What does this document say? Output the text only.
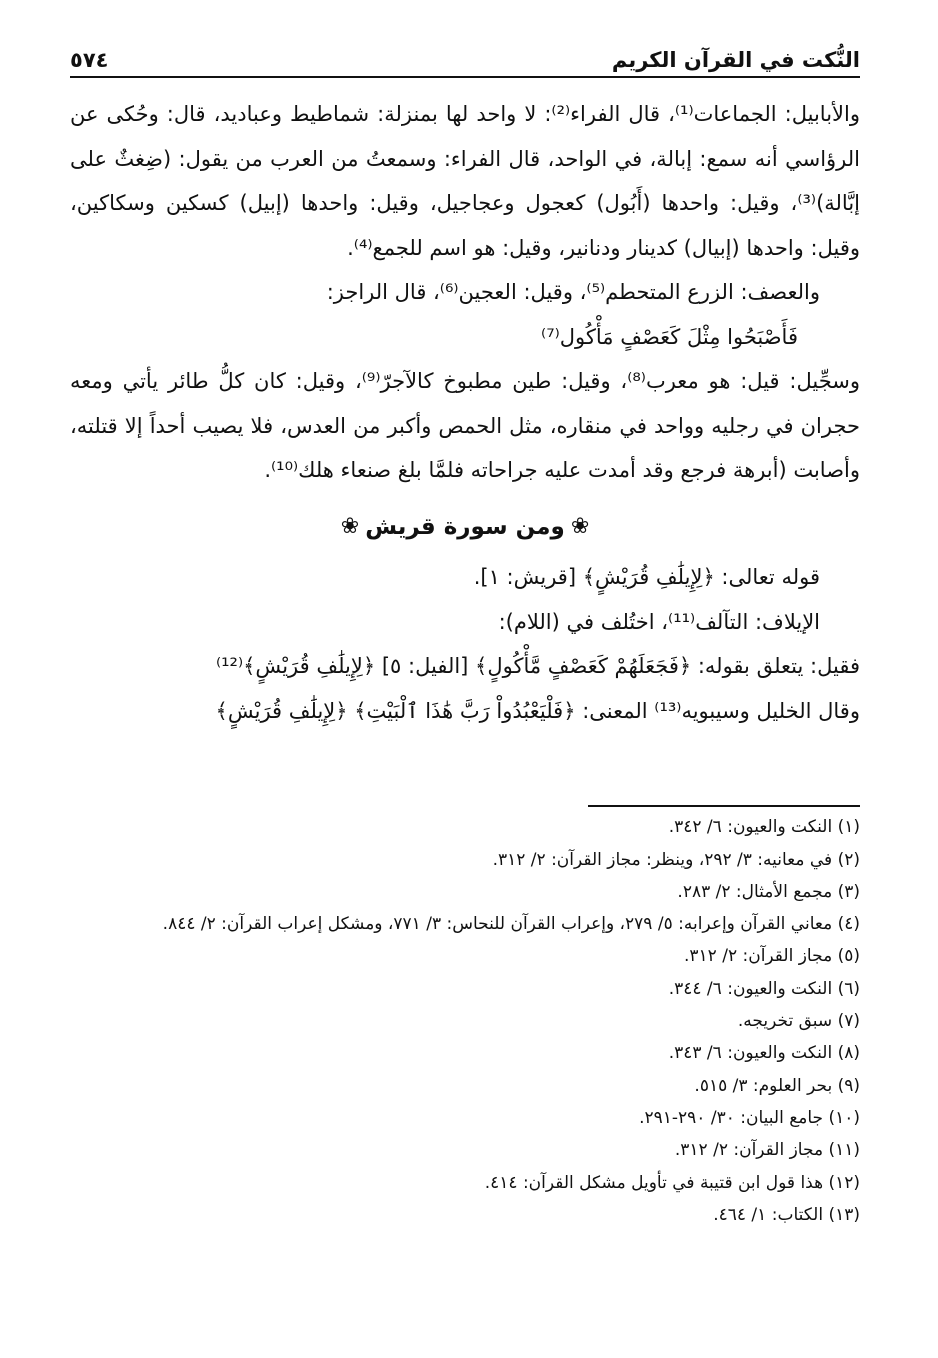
النُّكت في القرآن الكريم
٥٧٤

والأبابيل: الجماعات⁽¹⁾، قال الفراء⁽²⁾: لا واحد لها بمنزلة: شماطيط وعباديد، قال: وحُكى عن الرؤاسي أنه سمع: إبالة، في الواحد، قال الفراء: وسمعتُ من العرب من يقول: (ضِغثٌ على إبَّالة)⁽³⁾، وقيل: واحدها (أَبُول) كعجول وعجاجيل، وقيل: واحدها (إبيل) كسكين وسكاكين، وقيل: واحدها (إبيال) كدينار ودنانير، وقيل: هو اسم للجمع⁽⁴⁾.

والعصف: الزرع المتحطم⁽⁵⁾، وقيل: العجين⁽⁶⁾، قال الراجز:

فَأَصْبَحُوا مِثْلَ كَعَصْفٍ مَأْكُول⁽⁷⁾

وسجِّيل: قيل: هو معرب⁽⁸⁾، وقيل: طين مطبوخ كالآجرّ⁽⁹⁾، وقيل: كان كلُّ طائر يأتي ومعه حجران في رجليه وواحد في منقاره، مثل الحمص وأكبر من العدس، فلا يصيب أحداً إلا قتلته، وأصابت (أبرهة فرجع وقد أمدت عليه جراحاته فلمَّا بلغ صنعاء هلك⁽¹⁰⁾.

❀ومن سورة قريش❀

قوله تعالى: ﴿لِإِيلَٰفِ قُرَيْشٍ﴾ [قريش: ١].

الإيلاف: التآلف⁽¹¹⁾، اختُلف في (اللام):

فقيل: يتعلق بقوله: ﴿فَجَعَلَهُمْ كَعَصْفٍ مَّأْكُولٍ﴾ [الفيل: ٥] ﴿لِإِيلَٰفِ قُرَيْشٍ﴾⁽¹²⁾

وقال الخليل وسيبويه⁽¹³⁾ المعنى: ﴿فَلْيَعْبُدُواْ رَبَّ هَٰذَا ٱلْبَيْتِ﴾ ﴿لِإِيلَٰفِ قُرَيْشٍ﴾

(١) النكت والعيون: ٦/ ٣٤٢.
(٢) في معانيه: ٣/ ٢٩٢، وينظر: مجاز القرآن: ٢/ ٣١٢.
(٣) مجمع الأمثال: ٢/ ٢٨٣.
(٤) معاني القرآن وإعرابه: ٥/ ٢٧٩، وإعراب القرآن للنحاس: ٣/ ٧٧١، ومشكل إعراب القرآن: ٢/ ٨٤٤.
(٥) مجاز القرآن: ٢/ ٣١٢.
(٦) النكت والعيون: ٦/ ٣٤٤.
(٧) سبق تخريجه.
(٨) النكت والعيون: ٦/ ٣٤٣.
(٩) بحر العلوم: ٣/ ٥١٥.
(١٠) جامع البيان: ٣٠/ ٢٩٠-٢٩١.
(١١) مجاز القرآن: ٢/ ٣١٢.
(١٢) هذا قول ابن قتيبة في تأويل مشكل القرآن: ٤١٤.
(١٣) الكتاب: ١/ ٤٦٤.
